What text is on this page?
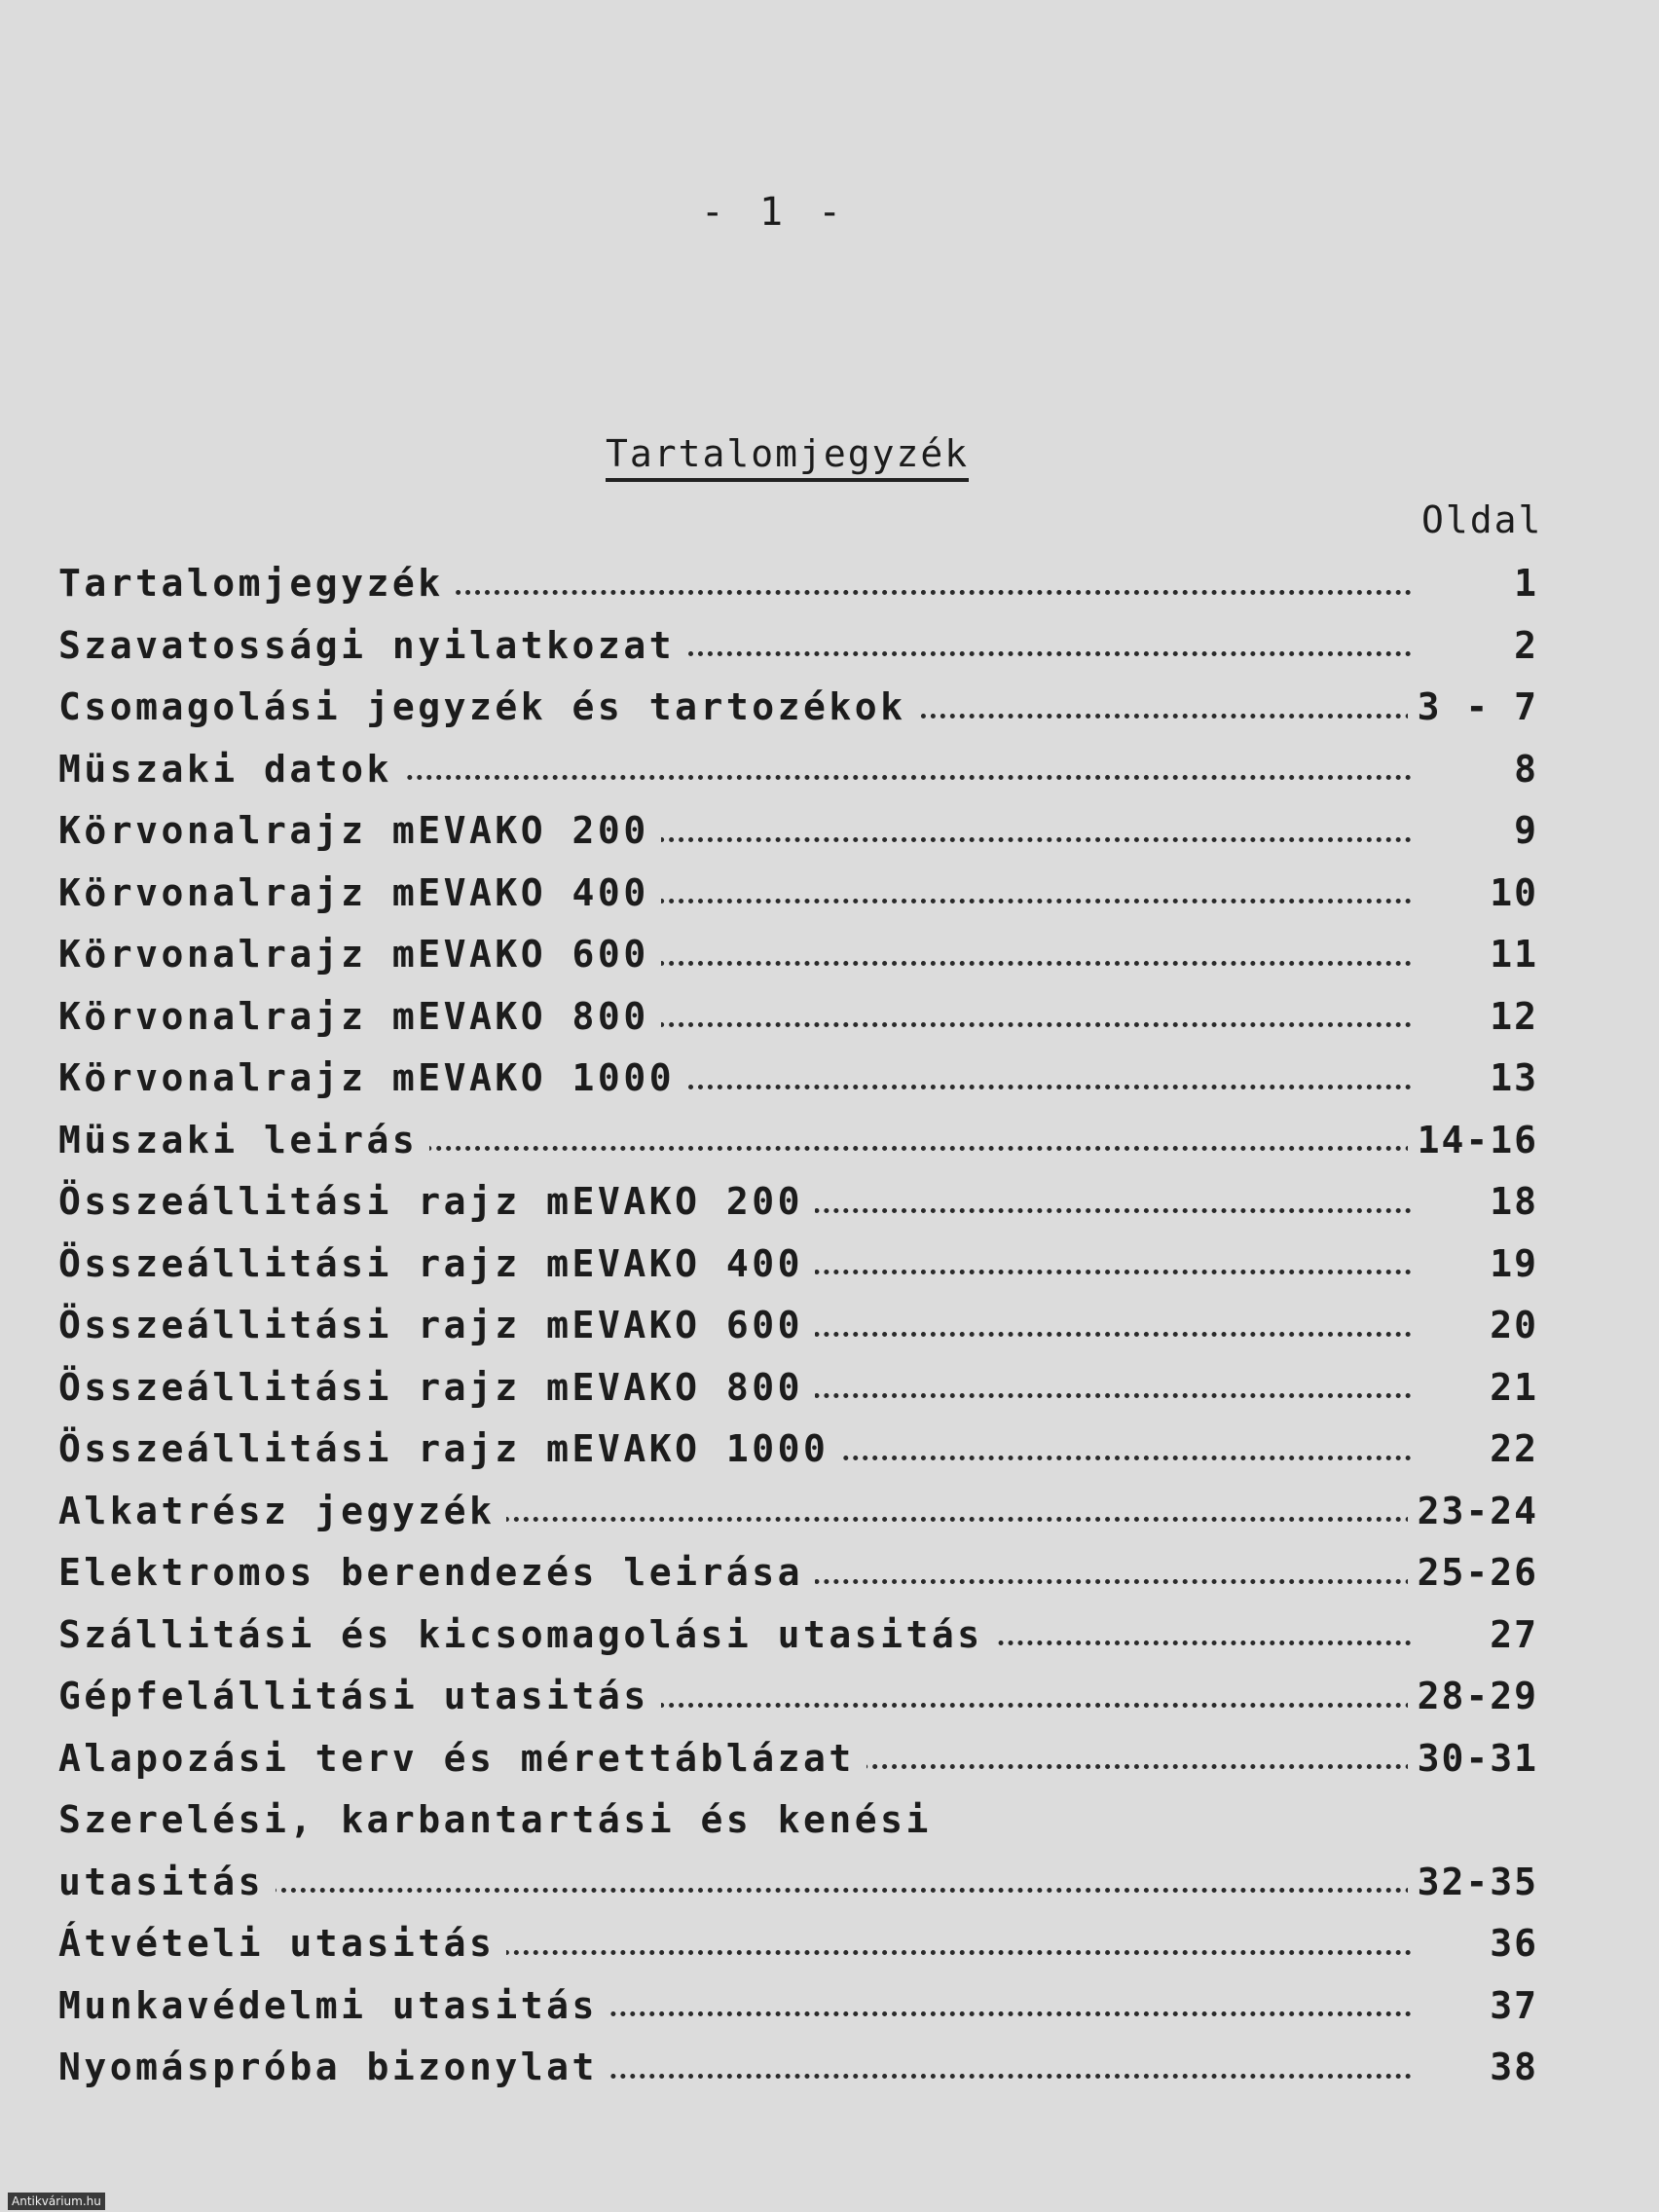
- 1 -
Tartalomjegyzék
Oldal
Tartalomjegyzék	1
Szavatossági nyilatkozat	2
Csomagolási jegyzék és tartozékok	3 - 7
Müszaki datok	8
Körvonalrajz mEVAKO 200	9
Körvonalrajz mEVAKO 400	10
Körvonalrajz mEVAKO 600	11
Körvonalrajz mEVAKO 800	12
Körvonalrajz mEVAKO 1000	13
Müszaki leirás	14-16
Összeállitási rajz mEVAKO 200	18
Összeállitási rajz mEVAKO 400	19
Összeállitási rajz mEVAKO 600	20
Összeállitási rajz mEVAKO 800	21
Összeállitási rajz mEVAKO 1000	22
Alkatrész jegyzék	23-24
Elektromos berendezés leirása	25-26
Szállitási és kicsomagolási utasitás	27
Gépfelállitási utasitás	28-29
Alapozási terv és mérettáblázat	30-31
Szerelési, karbantartási és kenési
utasitás	32-35
Átvételi utasitás	36
Munkavédelmi utasitás	37
Nyomáspróba bizonylat	38
Antikvárium.hu
